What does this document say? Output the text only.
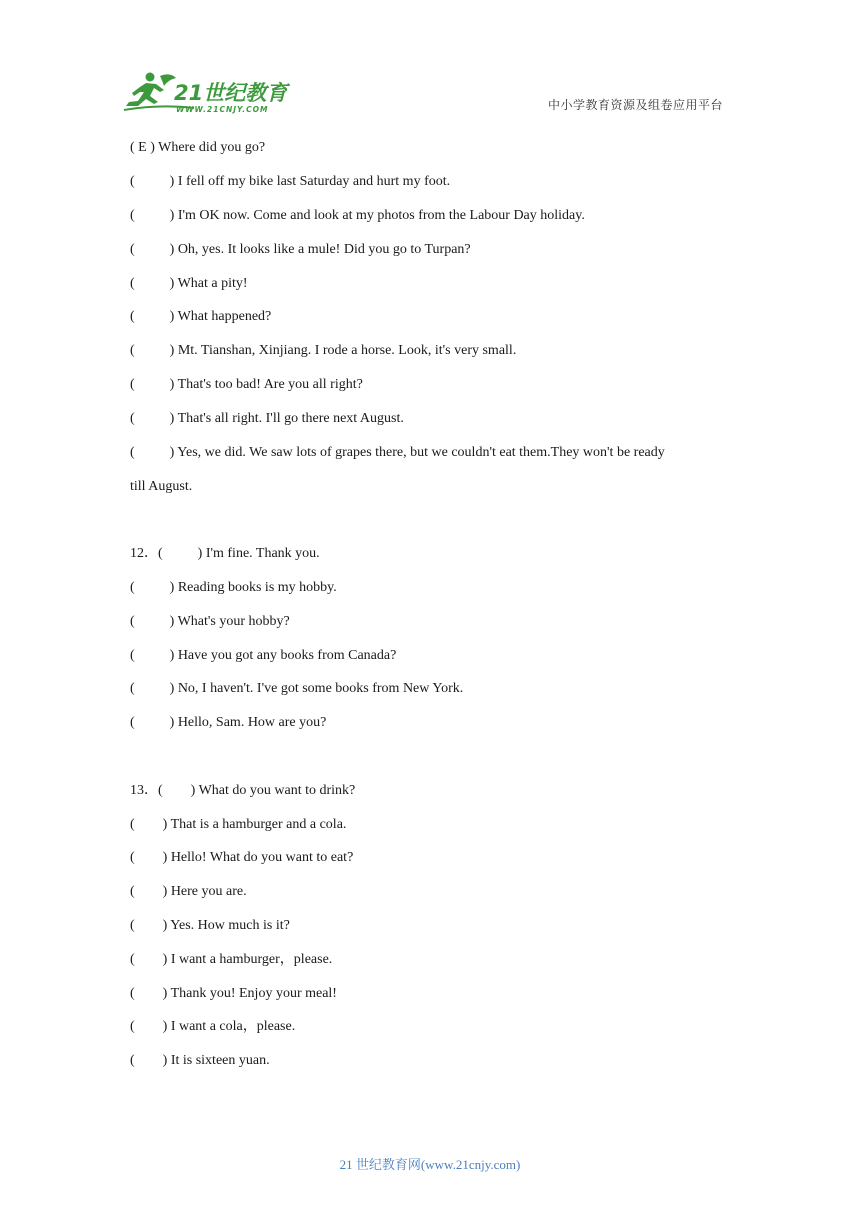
21世纪教育
WWW.21CNJY.COM	中小学教育资源及组卷应用平台
( E ) Where did you go?
(          ) I fell off my bike last Saturday and hurt my foot.
(          ) I'm OK now. Come and look at my photos from the Labour Day holiday.
(          ) Oh, yes. It looks like a mule! Did you go to Turpan?
(          ) What a pity!
(          ) What happened?
(          ) Mt. Tianshan, Xinjiang. I rode a horse. Look, it's very small.
(          ) That's too bad! Are you all right?
(          ) That's all right. I'll go there next August.
(          ) Yes, we did. We saw lots of grapes there, but we couldn't eat them.They won't be ready
till August.
12．(          ) I'm fine. Thank you.
(          ) Reading books is my hobby.
(          ) What's your hobby?
(          ) Have you got any books from Canada?
(          ) No, I haven't. I've got some books from New York.
(          ) Hello, Sam. How are you?
13．(        ) What do you want to drink?
(        ) That is a hamburger and a cola.
(        ) Hello! What do you want to eat?
(        ) Here you are.
(        ) Yes. How much is it?
(        ) I want a hamburger，please.
(        ) Thank you! Enjoy your meal!
(        ) I want a cola，please.
(        ) It is sixteen yuan.
21 世纪教育网(www.21cnjy.com)
